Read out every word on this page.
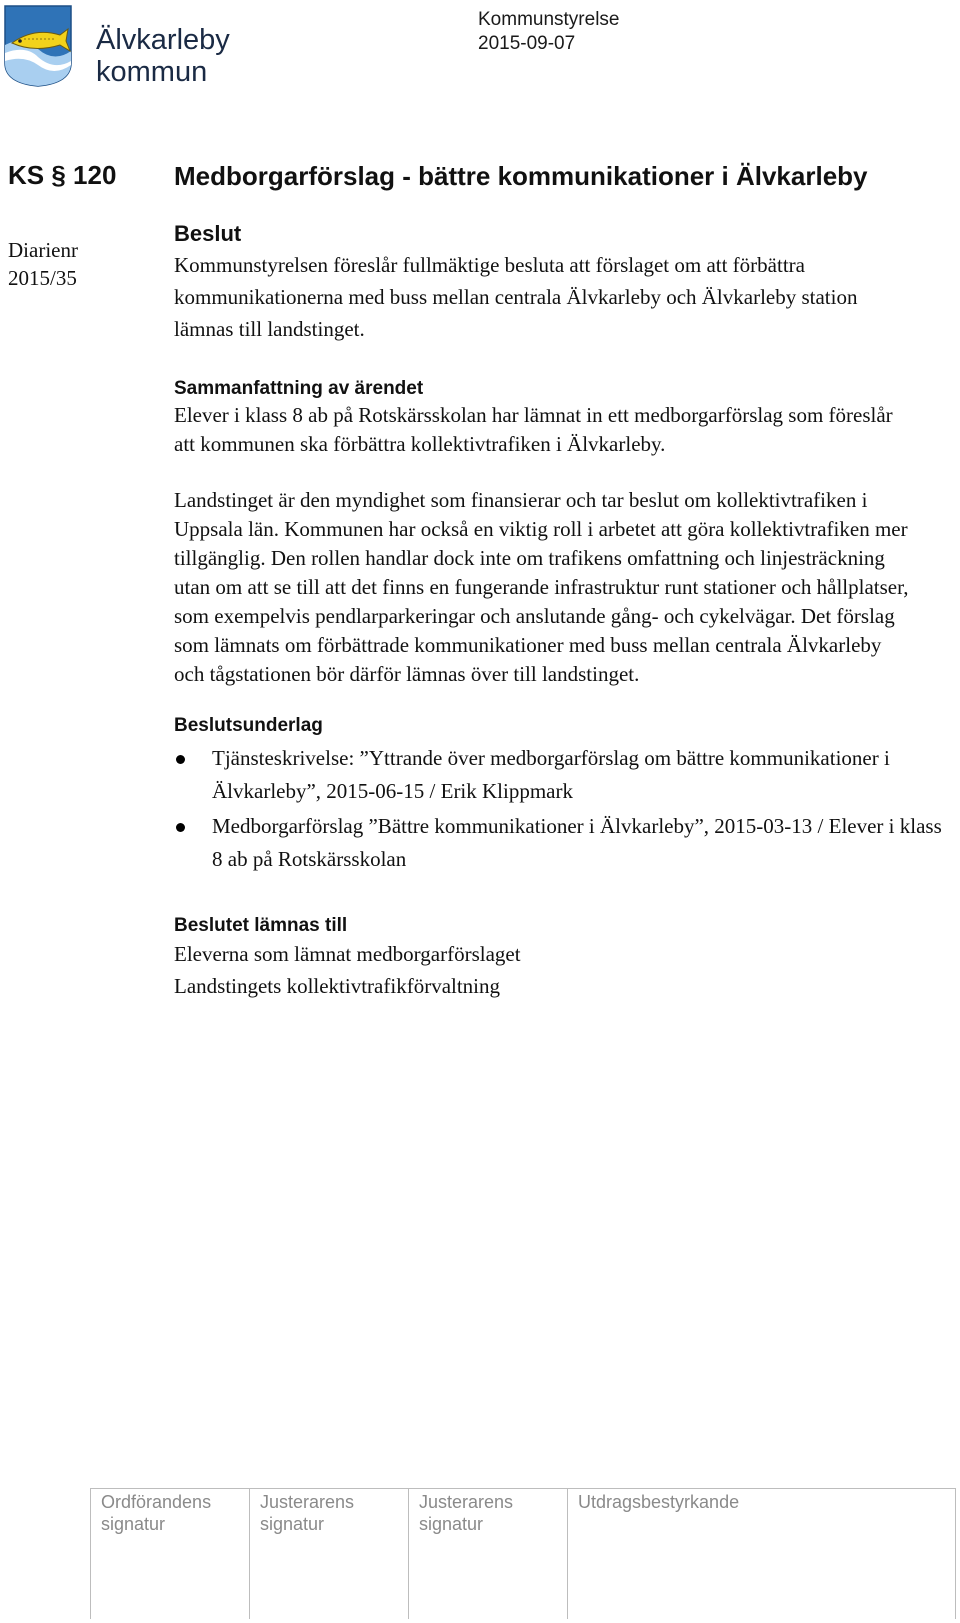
Älvkarleby
kommun
Kommunstyrelse
2015-09-07
KS § 120
Diarienr
2015/35
Medborgarförslag - bättre kommunikationer i Älvkarleby
Beslut

Kommunstyrelsen föreslår fullmäktige besluta att förslaget om att förbättra kommunikationerna med buss mellan centrala Älvkarleby och Älvkarleby station lämnas till landstinget.

Sammanfattning av ärendet

Elever i klass 8 ab på Rotskärsskolan har lämnat in ett medborgarförslag som föreslår att kommunen ska förbättra kollektivtrafiken i Älvkarleby.

Landstinget är den myndighet som finansierar och tar beslut om kollektivtrafiken i Uppsala län. Kommunen har också en viktig roll i arbetet att göra kollektivtrafiken mer tillgänglig. Den rollen handlar dock inte om trafikens omfattning och linjesträckning utan om att se till att det finns en fungerande infrastruktur runt stationer och hållplatser, som exempelvis pendlarparkeringar och anslutande gång- och cykelvägar. Det förslag som lämnats om förbättrade kommunikationer med buss mellan centrala Älvkarleby och tågstationen bör därför lämnas över till landstinget.

Beslutsunderlag
Tjänsteskrivelse: ”Yttrande över medborgarförslag om bättre kommunikationer i Älvkarleby”, 2015-06-15 / Erik Klippmark
Medborgarförslag ”Bättre kommunikationer i Älvkarleby”, 2015-03-13 / Elever i klass 8 ab på Rotskärsskolan
Beslutet lämnas till
Eleverna som lämnat medborgarförslaget
Landstingets kollektivtrafikförvaltning
Ordförandens
signatur
Justerarens
signatur
Justerarens
signatur
Utdragsbestyrkande
